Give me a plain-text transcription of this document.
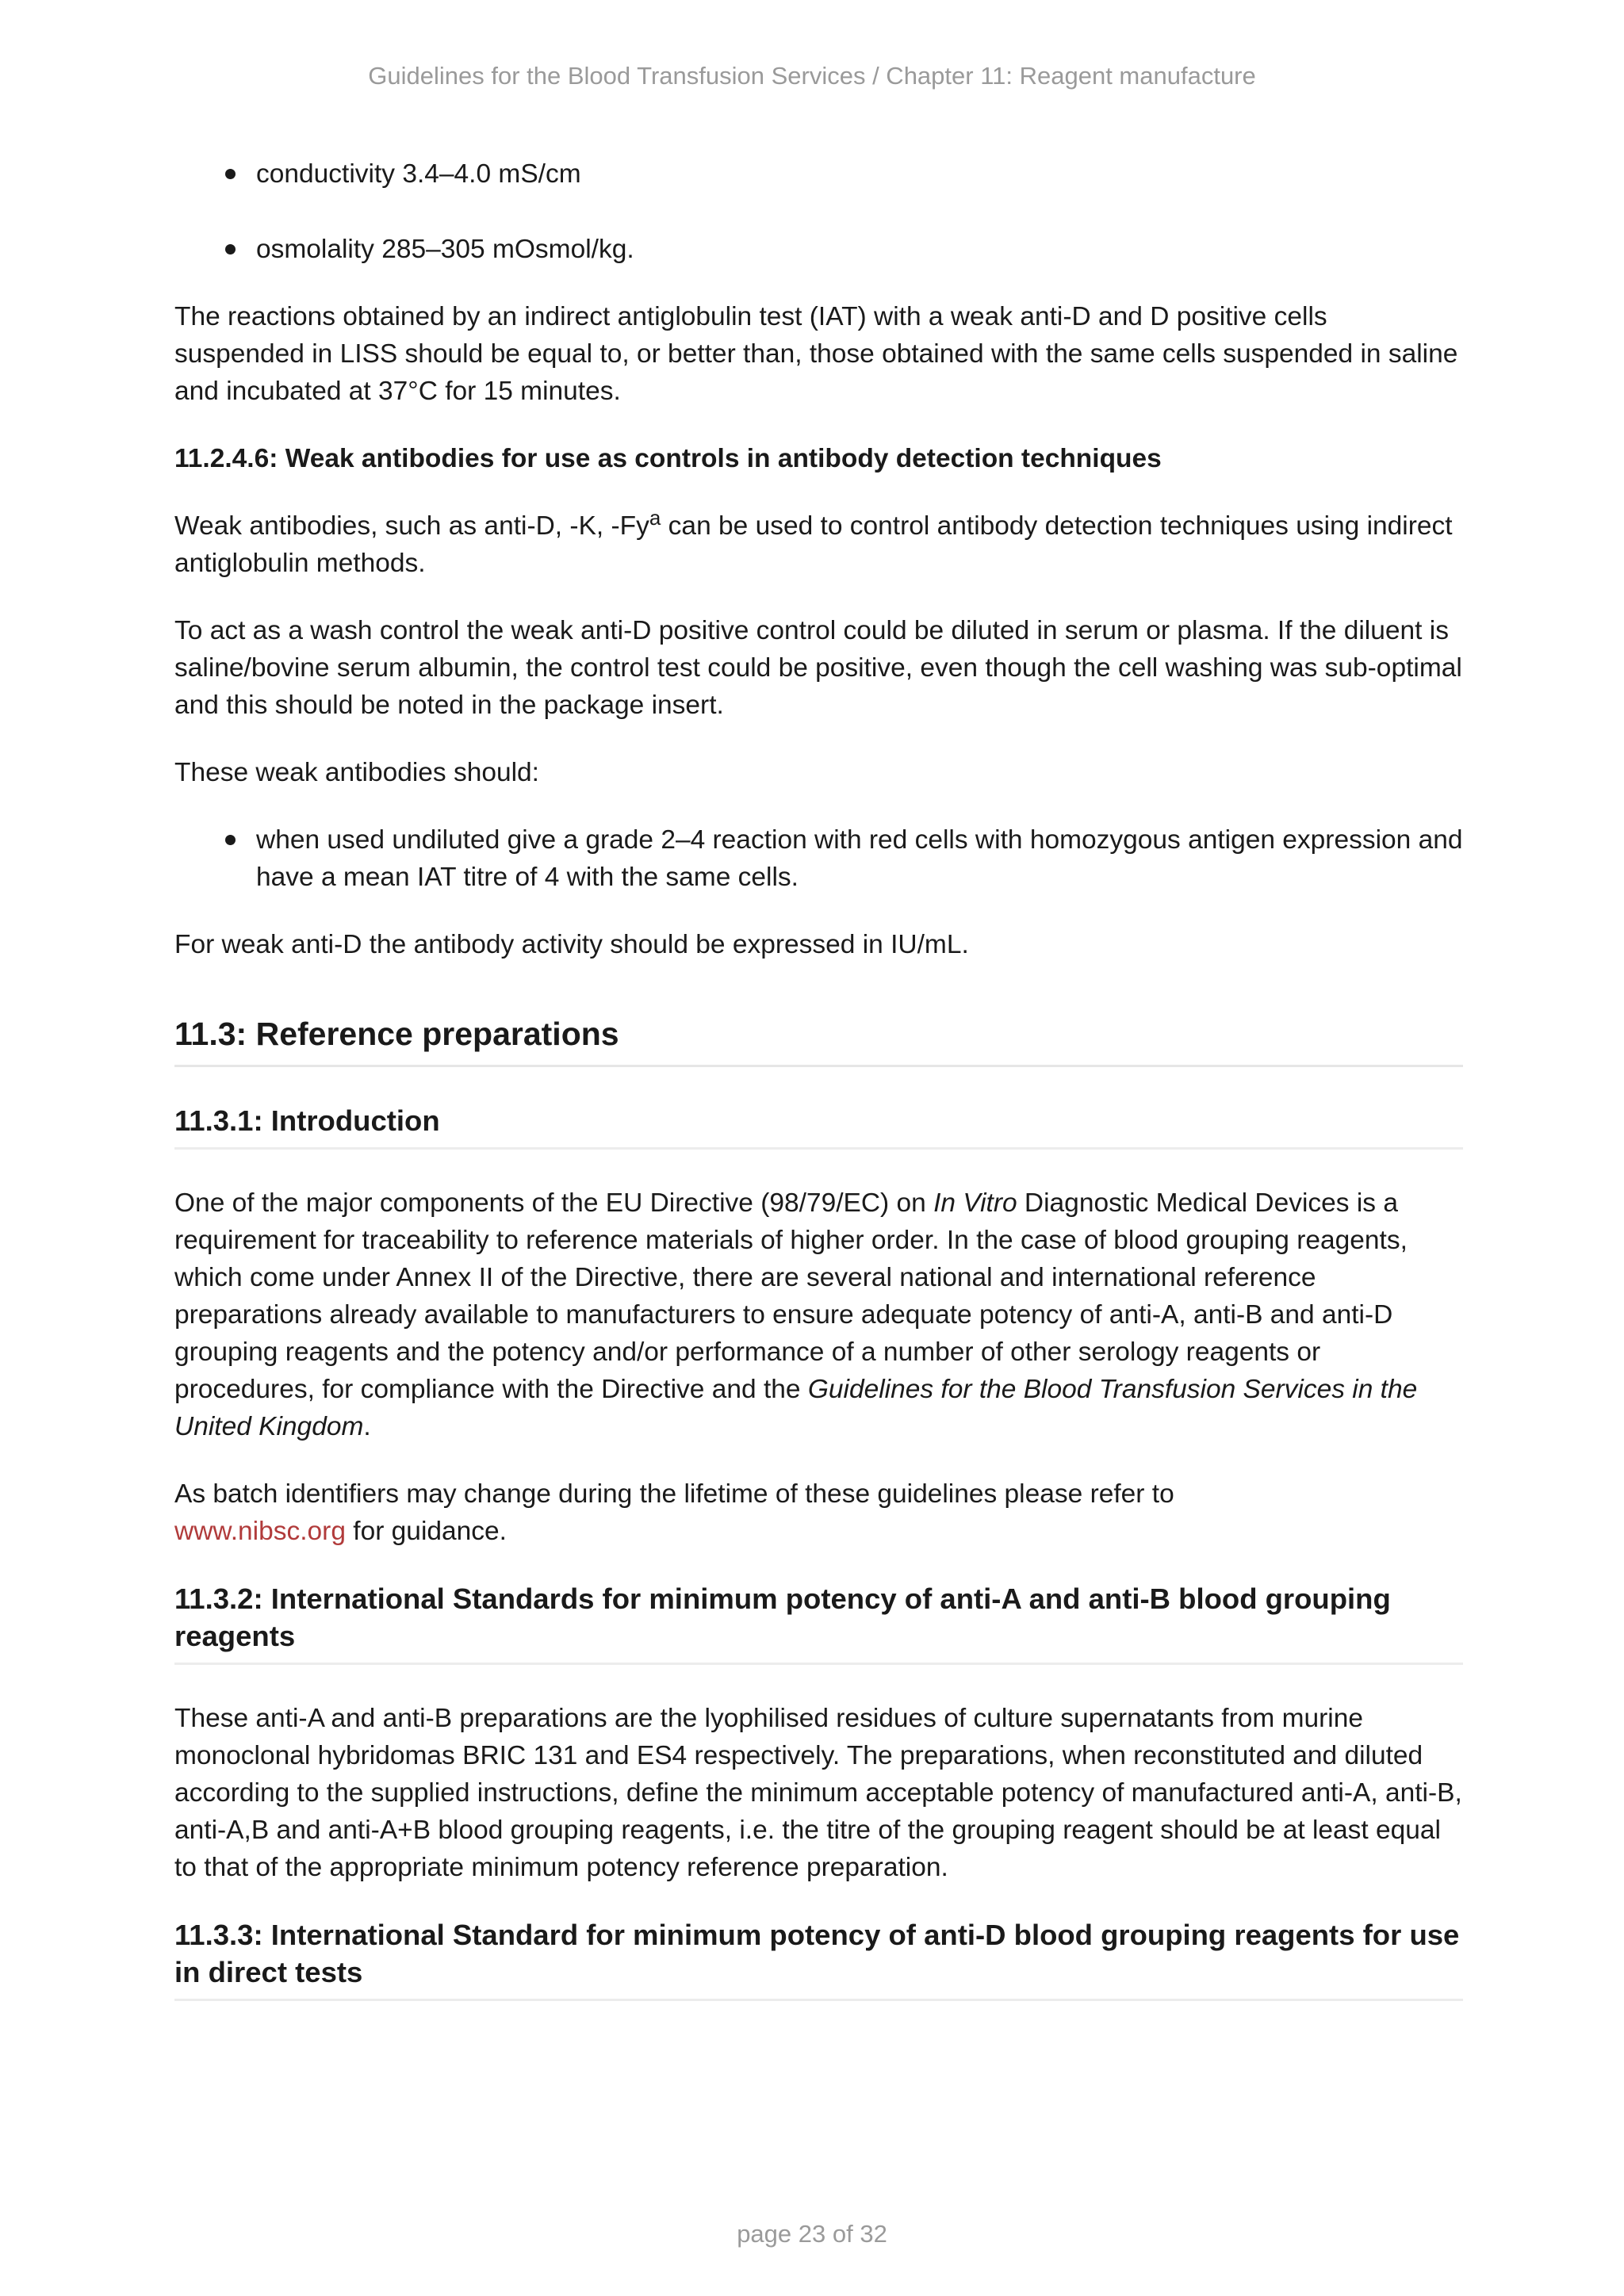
Guidelines for the Blood Transfusion Services / Chapter 11: Reagent manufacture
conductivity 3.4–4.0 mS/cm
osmolality 285–305 mOsmol/kg.

The reactions obtained by an indirect antiglobulin test (IAT) with a weak anti-D and D positive cells suspended in LISS should be equal to, or better than, those obtained with the same cells suspended in saline and incubated at 37°C for 15 minutes.

11.2.4.6: Weak antibodies for use as controls in antibody detection techniques

Weak antibodies, such as anti-D, -K, -Fy$^a$ can be used to control antibody detection techniques using indirect antiglobulin methods.

To act as a wash control the weak anti-D positive control could be diluted in serum or plasma. If the diluent is saline/bovine serum albumin, the control test could be positive, even though the cell washing was sub-optimal and this should be noted in the package insert.

These weak antibodies should:

when used undiluted give a grade 2–4 reaction with red cells with homozygous antigen expression and have a mean IAT titre of 4 with the same cells.

For weak anti-D the antibody activity should be expressed in IU/mL.

11.3: Reference preparations
11.3.1: Introduction

One of the major components of the EU Directive (98/79/EC) on In Vitro Diagnostic Medical Devices is a requirement for traceability to reference materials of higher order. In the case of blood grouping reagents, which come under Annex II of the Directive, there are several national and international reference preparations already available to manufacturers to ensure adequate potency of anti-A, anti-B and anti-D grouping reagents and the potency and/or performance of a number of other serology reagents or procedures, for compliance with the Directive and the Guidelines for the Blood Transfusion Services in the United Kingdom.

As batch identifiers may change during the lifetime of these guidelines please refer to
www.nibsc.org for guidance.

11.3.2: International Standards for minimum potency of anti-A and anti-B blood grouping reagents

These anti-A and anti-B preparations are the lyophilised residues of culture supernatants from murine monoclonal hybridomas BRIC 131 and ES4 respectively. The preparations, when reconstituted and diluted according to the supplied instructions, define the minimum acceptable potency of manufactured anti-A, anti-B, anti-A,B and anti-A+B blood grouping reagents, i.e. the titre of the grouping reagent should be at least equal to that of the appropriate minimum potency reference preparation.

11.3.3: International Standard for minimum potency of anti-D blood grouping reagents for use in direct tests
page 23 of 32
